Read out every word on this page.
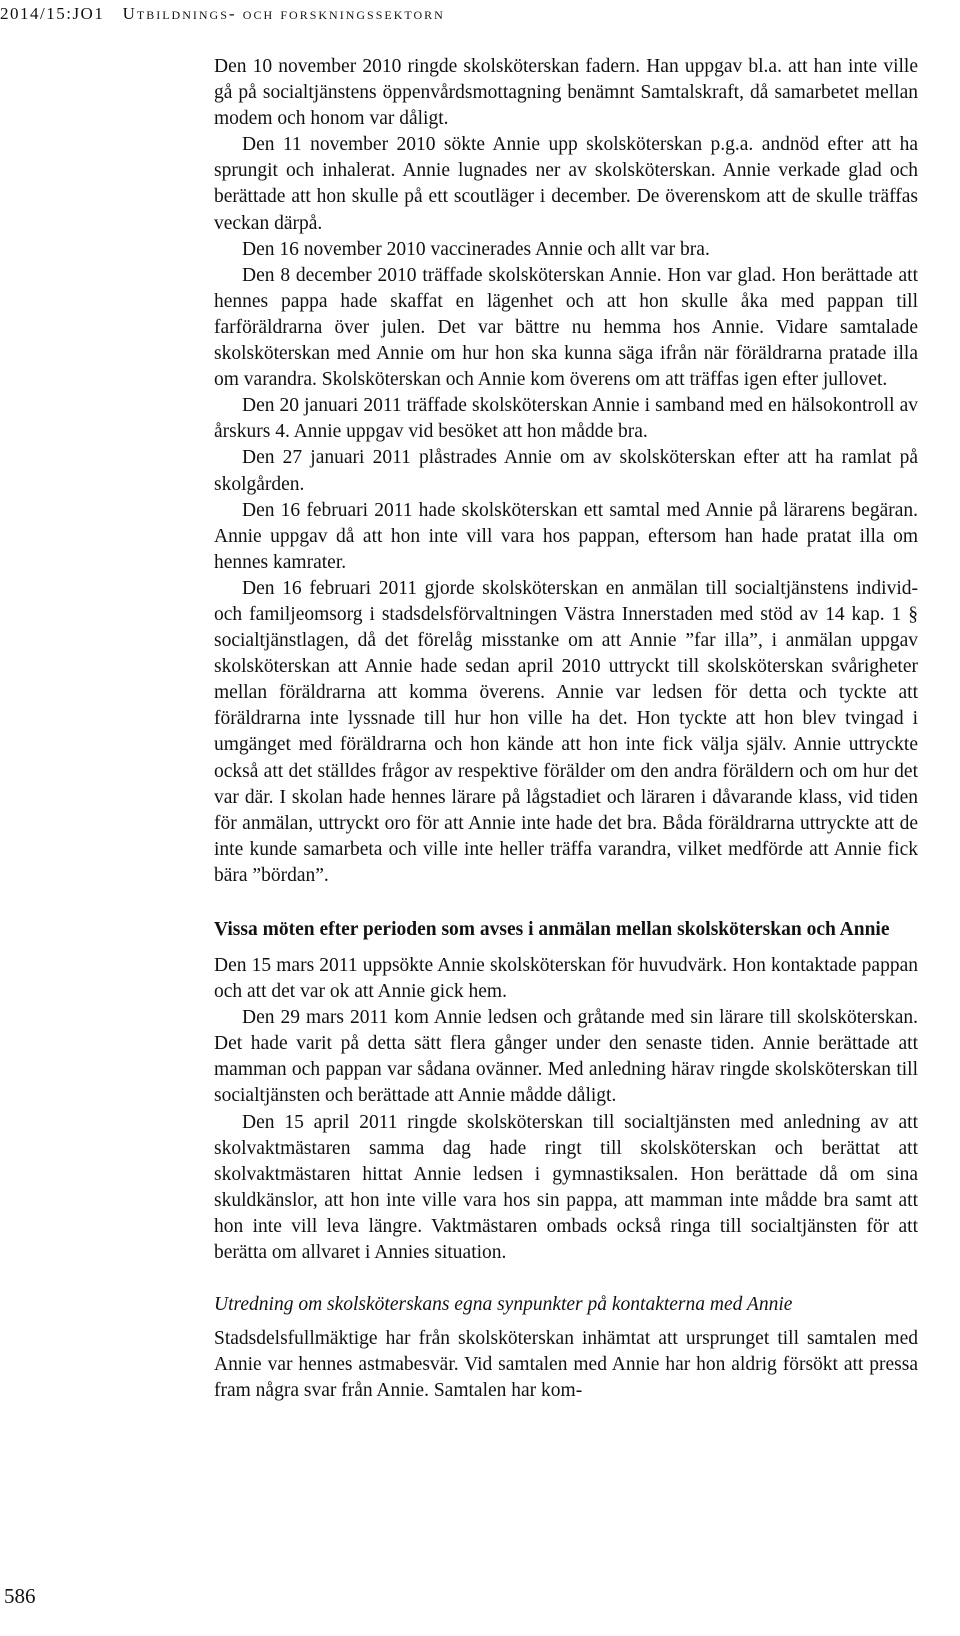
2014/15:JO1 Utbildnings- och forskningssektorn

Den 10 november 2010 ringde skolsköterskan fadern. Han uppgav bl.a. att han inte ville gå på socialtjänstens öppenvårdsmottagning benämnt Samtalskraft, då samarbetet mellan modem och honom var dåligt.

Den 11 november 2010 sökte Annie upp skolsköterskan p.g.a. andnöd efter att ha sprungit och inhalerat. Annie lugnades ner av skolsköterskan. Annie verkade glad och berättade att hon skulle på ett scoutläger i december. De överenskom att de skulle träffas veckan därpå.

Den 16 november 2010 vaccinerades Annie och allt var bra.

Den 8 december 2010 träffade skolsköterskan Annie. Hon var glad. Hon berättade att hennes pappa hade skaffat en lägenhet och att hon skulle åka med pappan till farföräldrarna över julen. Det var bättre nu hemma hos Annie. Vidare samtalade skolsköterskan med Annie om hur hon ska kunna säga ifrån när föräldrarna pratade illa om varandra. Skolsköterskan och Annie kom överens om att träffas igen efter jullovet.

Den 20 januari 2011 träffade skolsköterskan Annie i samband med en hälsokontroll av årskurs 4. Annie uppgav vid besöket att hon mådde bra.

Den 27 januari 2011 plåstrades Annie om av skolsköterskan efter att ha ramlat på skolgården.

Den 16 februari 2011 hade skolsköterskan ett samtal med Annie på lärarens begäran. Annie uppgav då att hon inte vill vara hos pappan, eftersom han hade pratat illa om hennes kamrater.

Den 16 februari 2011 gjorde skolsköterskan en anmälan till socialtjänstens individ- och familjeomsorg i stadsdelsförvaltningen Västra Innerstaden med stöd av 14 kap. 1 § socialtjänstlagen, då det förelåg misstanke om att Annie ”far illa”, i anmälan uppgav skolsköterskan att Annie hade sedan april 2010 uttryckt till skolsköterskan svårigheter mellan föräldrarna att komma överens. Annie var ledsen för detta och tyckte att föräldrarna inte lyssnade till hur hon ville ha det. Hon tyckte att hon blev tvingad i umgänget med föräldrarna och hon kände att hon inte fick välja själv. Annie uttryckte också att det ställdes frågor av respektive förälder om den andra föräldern och om hur det var där. I skolan hade hennes lärare på lågstadiet och läraren i dåvarande klass, vid tiden för anmälan, uttryckt oro för att Annie inte hade det bra. Båda föräldrarna uttryckte att de inte kunde samarbeta och ville inte heller träffa varandra, vilket medförde att Annie fick bära ”bördan”.

Vissa möten efter perioden som avses i anmälan mellan skolsköterskan och Annie

Den 15 mars 2011 uppsökte Annie skolsköterskan för huvudvärk. Hon kontaktade pappan och att det var ok att Annie gick hem.

Den 29 mars 2011 kom Annie ledsen och gråtande med sin lärare till skolsköterskan. Det hade varit på detta sätt flera gånger under den senaste tiden. Annie berättade att mamman och pappan var sådana ovänner. Med anledning härav ringde skolsköterskan till socialtjänsten och berättade att Annie mådde dåligt.

Den 15 april 2011 ringde skolsköterskan till socialtjänsten med anledning av att skolvaktmästaren samma dag hade ringt till skolsköterskan och berättat att skolvaktmästaren hittat Annie ledsen i gymnastiksalen. Hon berättade då om sina skuldkänslor, att hon inte ville vara hos sin pappa, att mamman inte mådde bra samt att hon inte vill leva längre. Vaktmästaren ombads också ringa till socialtjänsten för att berätta om allvaret i Annies situation.

Utredning om skolsköterskans egna synpunkter på kontakterna med Annie

Stadsdelsfullmäktige har från skolsköterskan inhämtat att ursprunget till samtalen med Annie var hennes astmabesvär. Vid samtalen med Annie har hon aldrig försökt att pressa fram några svar från Annie. Samtalen har kom-

586
